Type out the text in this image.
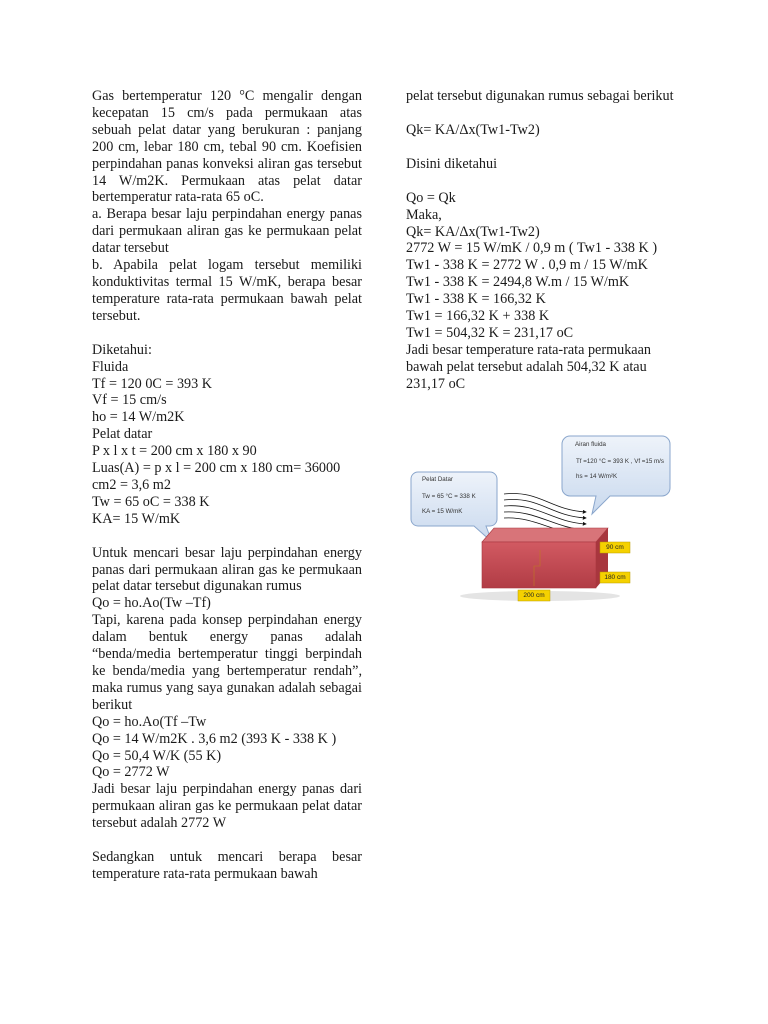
Gas bertemperatur 120 °C mengalir dengan kecepatan 15 cm/s pada permukaan atas sebuah pelat datar yang berukuran : panjang 200 cm, lebar 180 cm, tebal 90 cm. Koefisien perpindahan panas konveksi aliran gas tersebut 14 W/m2K. Permukaan atas pelat datar bertemperatur rata-rata 65 oC.

a. Berapa besar laju perpindahan energy panas dari permukaan aliran gas ke permukaan pelat datar tersebut

b. Apabila pelat logam tersebut memiliki konduktivitas termal 15 W/mK, berapa besar temperature rata-rata permukaan bawah pelat tersebut.

Diketahui:

Fluida

Tf = 120 0C = 393 K

Vf = 15 cm/s

ho = 14 W/m2K

Pelat datar

P x l x t = 200 cm x 180 x 90

Luas(A) = p x l = 200 cm x 180 cm= 36000 cm2 = 3,6 m2

Tw = 65 oC = 338 K

KA= 15 W/mK

Untuk mencari besar laju perpindahan energy panas dari permukaan aliran gas ke permukaan pelat datar tersebut digunakan rumus

Qo = ho.Ao(Tw –Tf)

Tapi, karena pada konsep perpindahan energy dalam bentuk energy panas adalah “benda/media bertemperatur tinggi berpindah ke benda/media yang bertemperatur rendah”, maka rumus yang saya gunakan adalah sebagai berikut

Qo = ho.Ao(Tf –Tw

Qo = 14 W/m2K . 3,6 m2 (393 K - 338 K )

Qo = 50,4 W/K (55 K)

Qo = 2772 W

Jadi besar laju perpindahan energy panas dari permukaan aliran gas ke permukaan pelat datar tersebut adalah 2772 W

Sedangkan untuk mencari berapa besar temperature rata-rata permukaan bawah

pelat tersebut digunakan rumus sebagai berikut

Qk= KA/Δx(Tw1-Tw2)

Disini diketahui

Qo = Qk

Maka,

Qk= KA/Δx(Tw1-Tw2)

2772 W = 15 W/mK / 0,9 m ( Tw1 - 338 K )

Tw1 - 338 K = 2772 W . 0,9 m / 15 W/mK

Tw1 - 338 K = 2494,8 W.m / 15 W/mK

Tw1 - 338 K = 166,32 K

Tw1 = 166,32 K + 338 K

Tw1 = 504,32 K = 231,17 oC

Jadi besar temperature rata-rata permukaan bawah pelat tersebut adalah 504,32 K atau 231,17 oC

Airan fluida
Tf =120 °C = 393 K , Vf =15 m/s
hs = 14 W/m²K
Pelat Datar
Tw = 65 °C = 338 K
KA = 15 W/mK
90 cm
180 cm
200 cm
